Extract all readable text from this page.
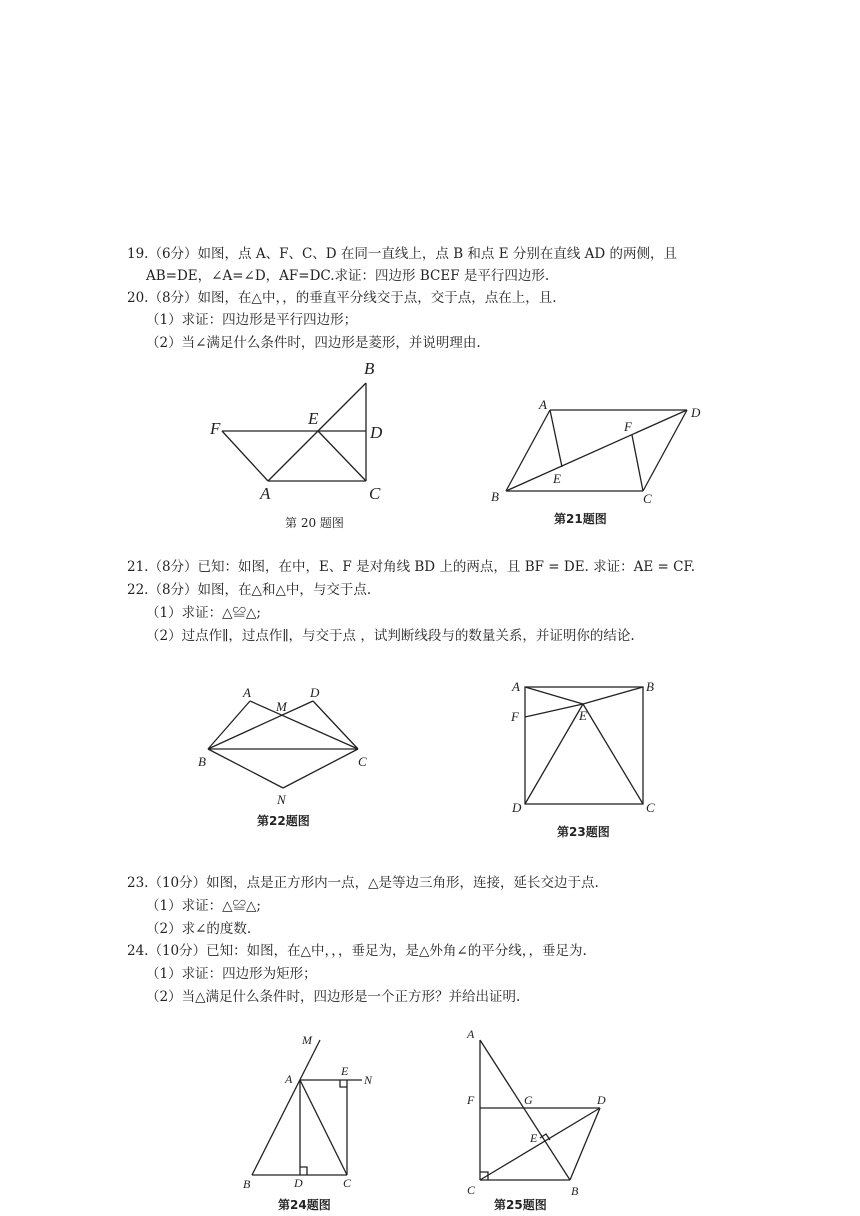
19.（6分）如图，点 A、F、C、D 在同一直线上，点 B 和点 E 分别在直线 AD 的两侧，且
AB=DE，∠A=∠D，AF=DC.求证：四边形 BCEF 是平行四边形.
20.（8分）如图，在△中，，的垂直平分线交于点，交于点，点在上，且.
（1）求证：四边形是平行四边形；
（2）当∠满足什么条件时，四边形是菱形，并说明理由.
B
F
E
D
A	C
第 20 题图
A
D
F
E
B	C
第21题图
21.（8分）已知：如图，在中，E、F 是对角线 BD 上的两点，且 BF = DE. 求证：AE = CF.
22.（8分）如图，在△和△中，与交于点.
（1）求证：△≌△;
（2）过点作∥，过点作∥，与交于点 ，试判断线段与的数量关系，并证明你的结论.
A
M
D
B	C
N
第22题图
A	B
F	E
D	C
第23题图
23.（10分）如图，点是正方形内一点，△是等边三角形，连接，延长交边于点.
（1）求证：△≌△;
（2）求∠的度数.
24.（10分）已知：如图，在△中，，，垂足为，是△外角∠的平分线，，垂足为.
（1）求证：四边形为矩形；
（2）当△满足什么条件时，四边形是一个正方形？并给出证明.
M
A
E
N
B	D	C
第24题图
A
F	G	D
E
C	B
第25题图
